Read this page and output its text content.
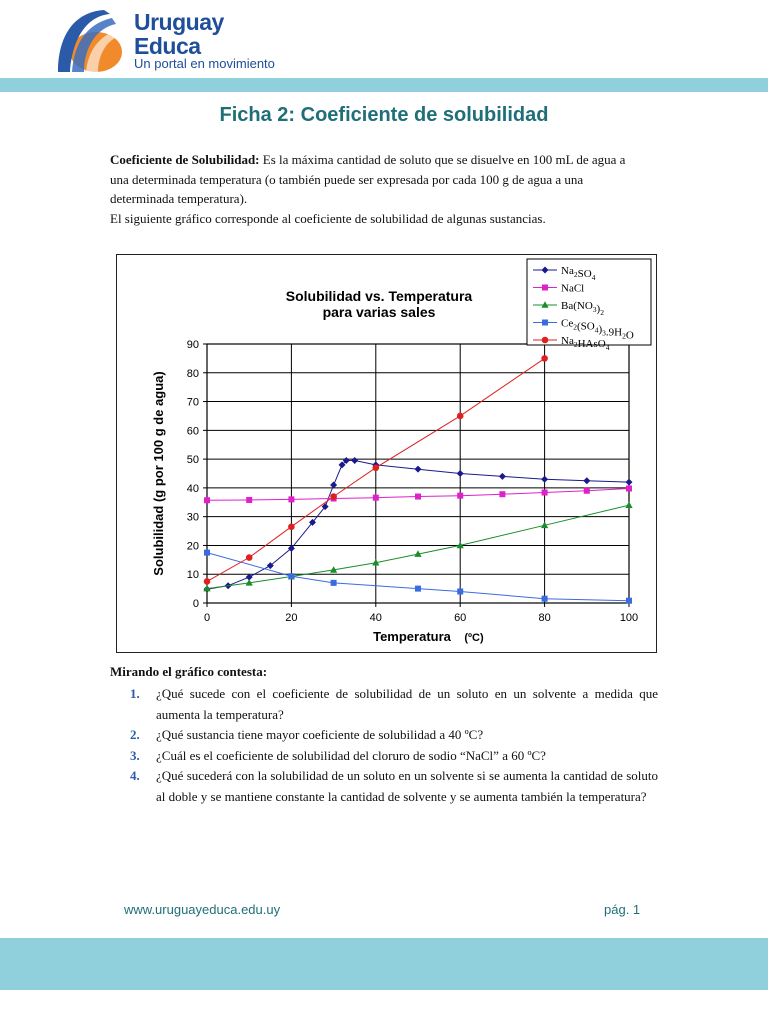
Uruguay
Educa
Un portal en movimiento
Ficha 2: Coeficiente de solubilidad

Coeficiente de Solubilidad: Es la máxima cantidad de soluto que se disuelve en 100 mL de agua a una determinada temperatura (o también puede ser expresada por cada 100 g de agua a una determinada temperatura).

El siguiente gráfico corresponde al coeficiente de solubilidad de algunas sustancias.

0
10
20
30
40
50
60
70
80
90
0	20	40	60	80	100
Solubilidad vs. Temperatura
para varias sales
Temperatura (ºC)
Solubilidad (g por 100 g de agua)
$Na_2SO_4$
NaCl
$Ba(NO_3)_2$
$Ce_2(SO_4)_3.9H_2O$
$Na_2HAsO_4$
Mirando el gráfico contesta:
1. ¿Qué sucede con el coeficiente de solubilidad de un soluto en un solvente a medida que aumenta la temperatura?
2. ¿Qué sustancia tiene mayor coeficiente de solubilidad a 40 ºC?
3. ¿Cuál es el coeficiente de solubilidad del cloruro de sodio “NaCl” a 60 ºC?
4. ¿Qué sucederá con la solubilidad de un soluto en un solvente si se aumenta la cantidad de soluto al doble y se mantiene constante la cantidad de solvente y se aumenta también la temperatura?
www.uruguayeduca.edu.uy	pág. 1
